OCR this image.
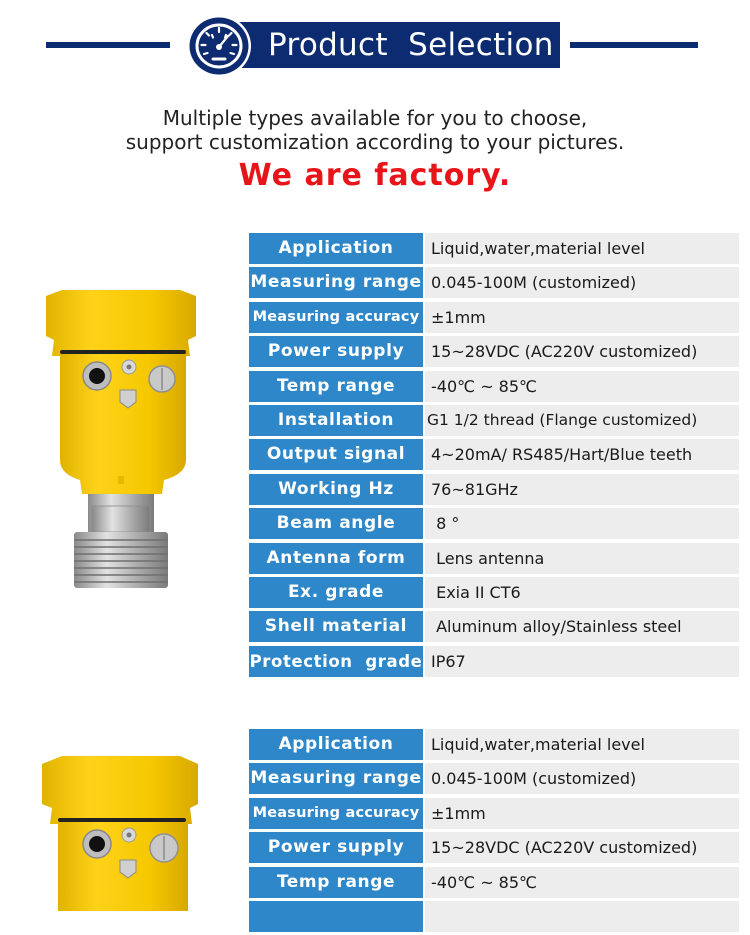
Product  Selection
Multiple types available for you to choose,
support customization according to your pictures.
We are factory.
Application	Liquid,water,material level
Measuring range 0.045-100M (customized)
Measuring accuracy ±1mm
Power supply	15~28VDC (AC220V customized)
Temp range	-40℃ ~ 85℃
Installation	G1 1/2 thread (Flange customized)
Output signal	4~20mA/ RS485/Hart/Blue teeth
Working Hz	76~81GHz
Beam angle	8 °
Antenna form	Lens antenna
Ex. grade	Exia II CT6
Shell material	Aluminum alloy/Stainless steel
Protection  grade IP67
Application	Liquid,water,material level
Measuring range 0.045-100M (customized)
Measuring accuracy ±1mm
Power supply	15~28VDC (AC220V customized)
Temp range	-40℃ ~ 85℃
